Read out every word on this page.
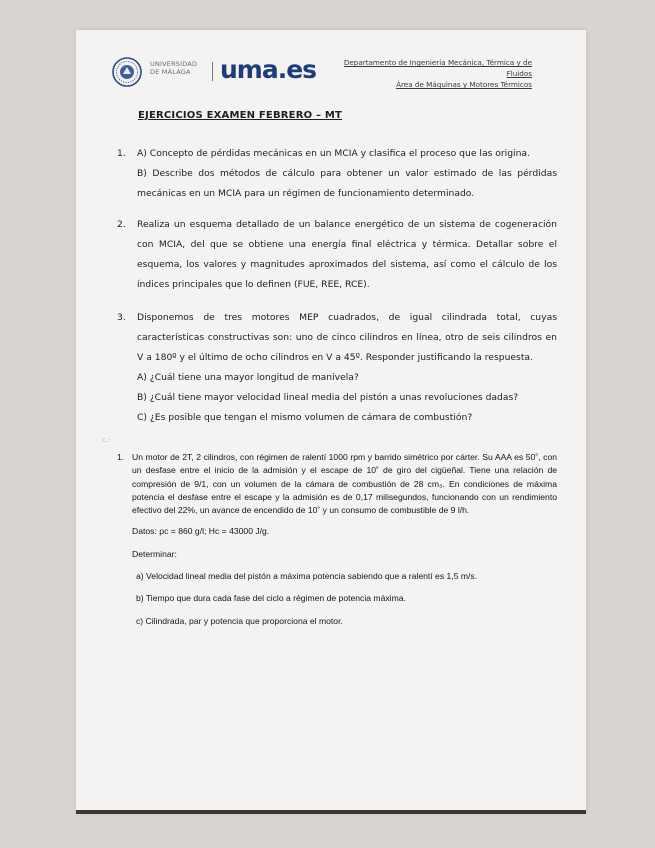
UNIVERSIDAD
DE MÁLAGA	uma.es	Departamento de Ingeniería Mecánica, Térmica y de Fluidos
Área de Máquinas y Motores Térmicos
EJERCICIOS EXAMEN FEBRERO – MT
1. A) Concepto de pérdidas mecánicas en un MCIA y clasifica el proceso que las origina.

B) Describe dos métodos de cálculo para obtener un valor estimado de las pérdidas mecánicas en un MCIA para un régimen de funcionamiento determinado.

2. Realiza un esquema detallado de un balance energético de un sistema de cogeneración con MCIA, del que se obtiene una energía final eléctrica y térmica. Detallar sobre el esquema, los valores y magnitudes aproximados del sistema, así como el cálculo de los índices principales que lo definen (FUE, REE, RCE).

3. Disponemos de tres motores MEP cuadrados, de igual cilindrada total, cuyas características constructivas son: uno de cinco cilindros en línea, otro de seis cilindros en V a 180º y el último de ocho cilindros en V a 45º. Responder justificando la respuesta.

A) ¿Cuál tiene una mayor longitud de manivela?

B) ¿Cuál tiene mayor velocidad lineal media del pistón a unas revoluciones dadas?

C) ¿Es posible que tengan el mismo volumen de cámara de combustión?

c.-
1. Un motor de 2T, 2 cilindros, con régimen de ralentí 1000 rpm y barrido simétrico por cárter. Su AAA es 50˚, con un desfase entre el inicio de la admisión y el escape de 10˚ de giro del cigüeñal. Tiene una relación de compresión de 9/1, con un volumen de la cámara de combustión de 28 cm₃. En condiciones de máxima potencia el desfase entre el escape y la admisión es de 0,17 milisegundos, funcionando con un rendimiento efectivo del 22%, un avance de encendido de 10˚ y un consumo de combustible de 9 l/h.

Datos: ρc = 860 g/l; Hc = 43000 J/g.

Determinar:

a) Velocidad lineal media del pistón a máxima potencia sabiendo que a ralentí es 1,5 m/s.

b) Tiempo que dura cada fase del ciclo a régimen de potencia máxima.

c) Cilindrada, par y potencia que proporciona el motor.
